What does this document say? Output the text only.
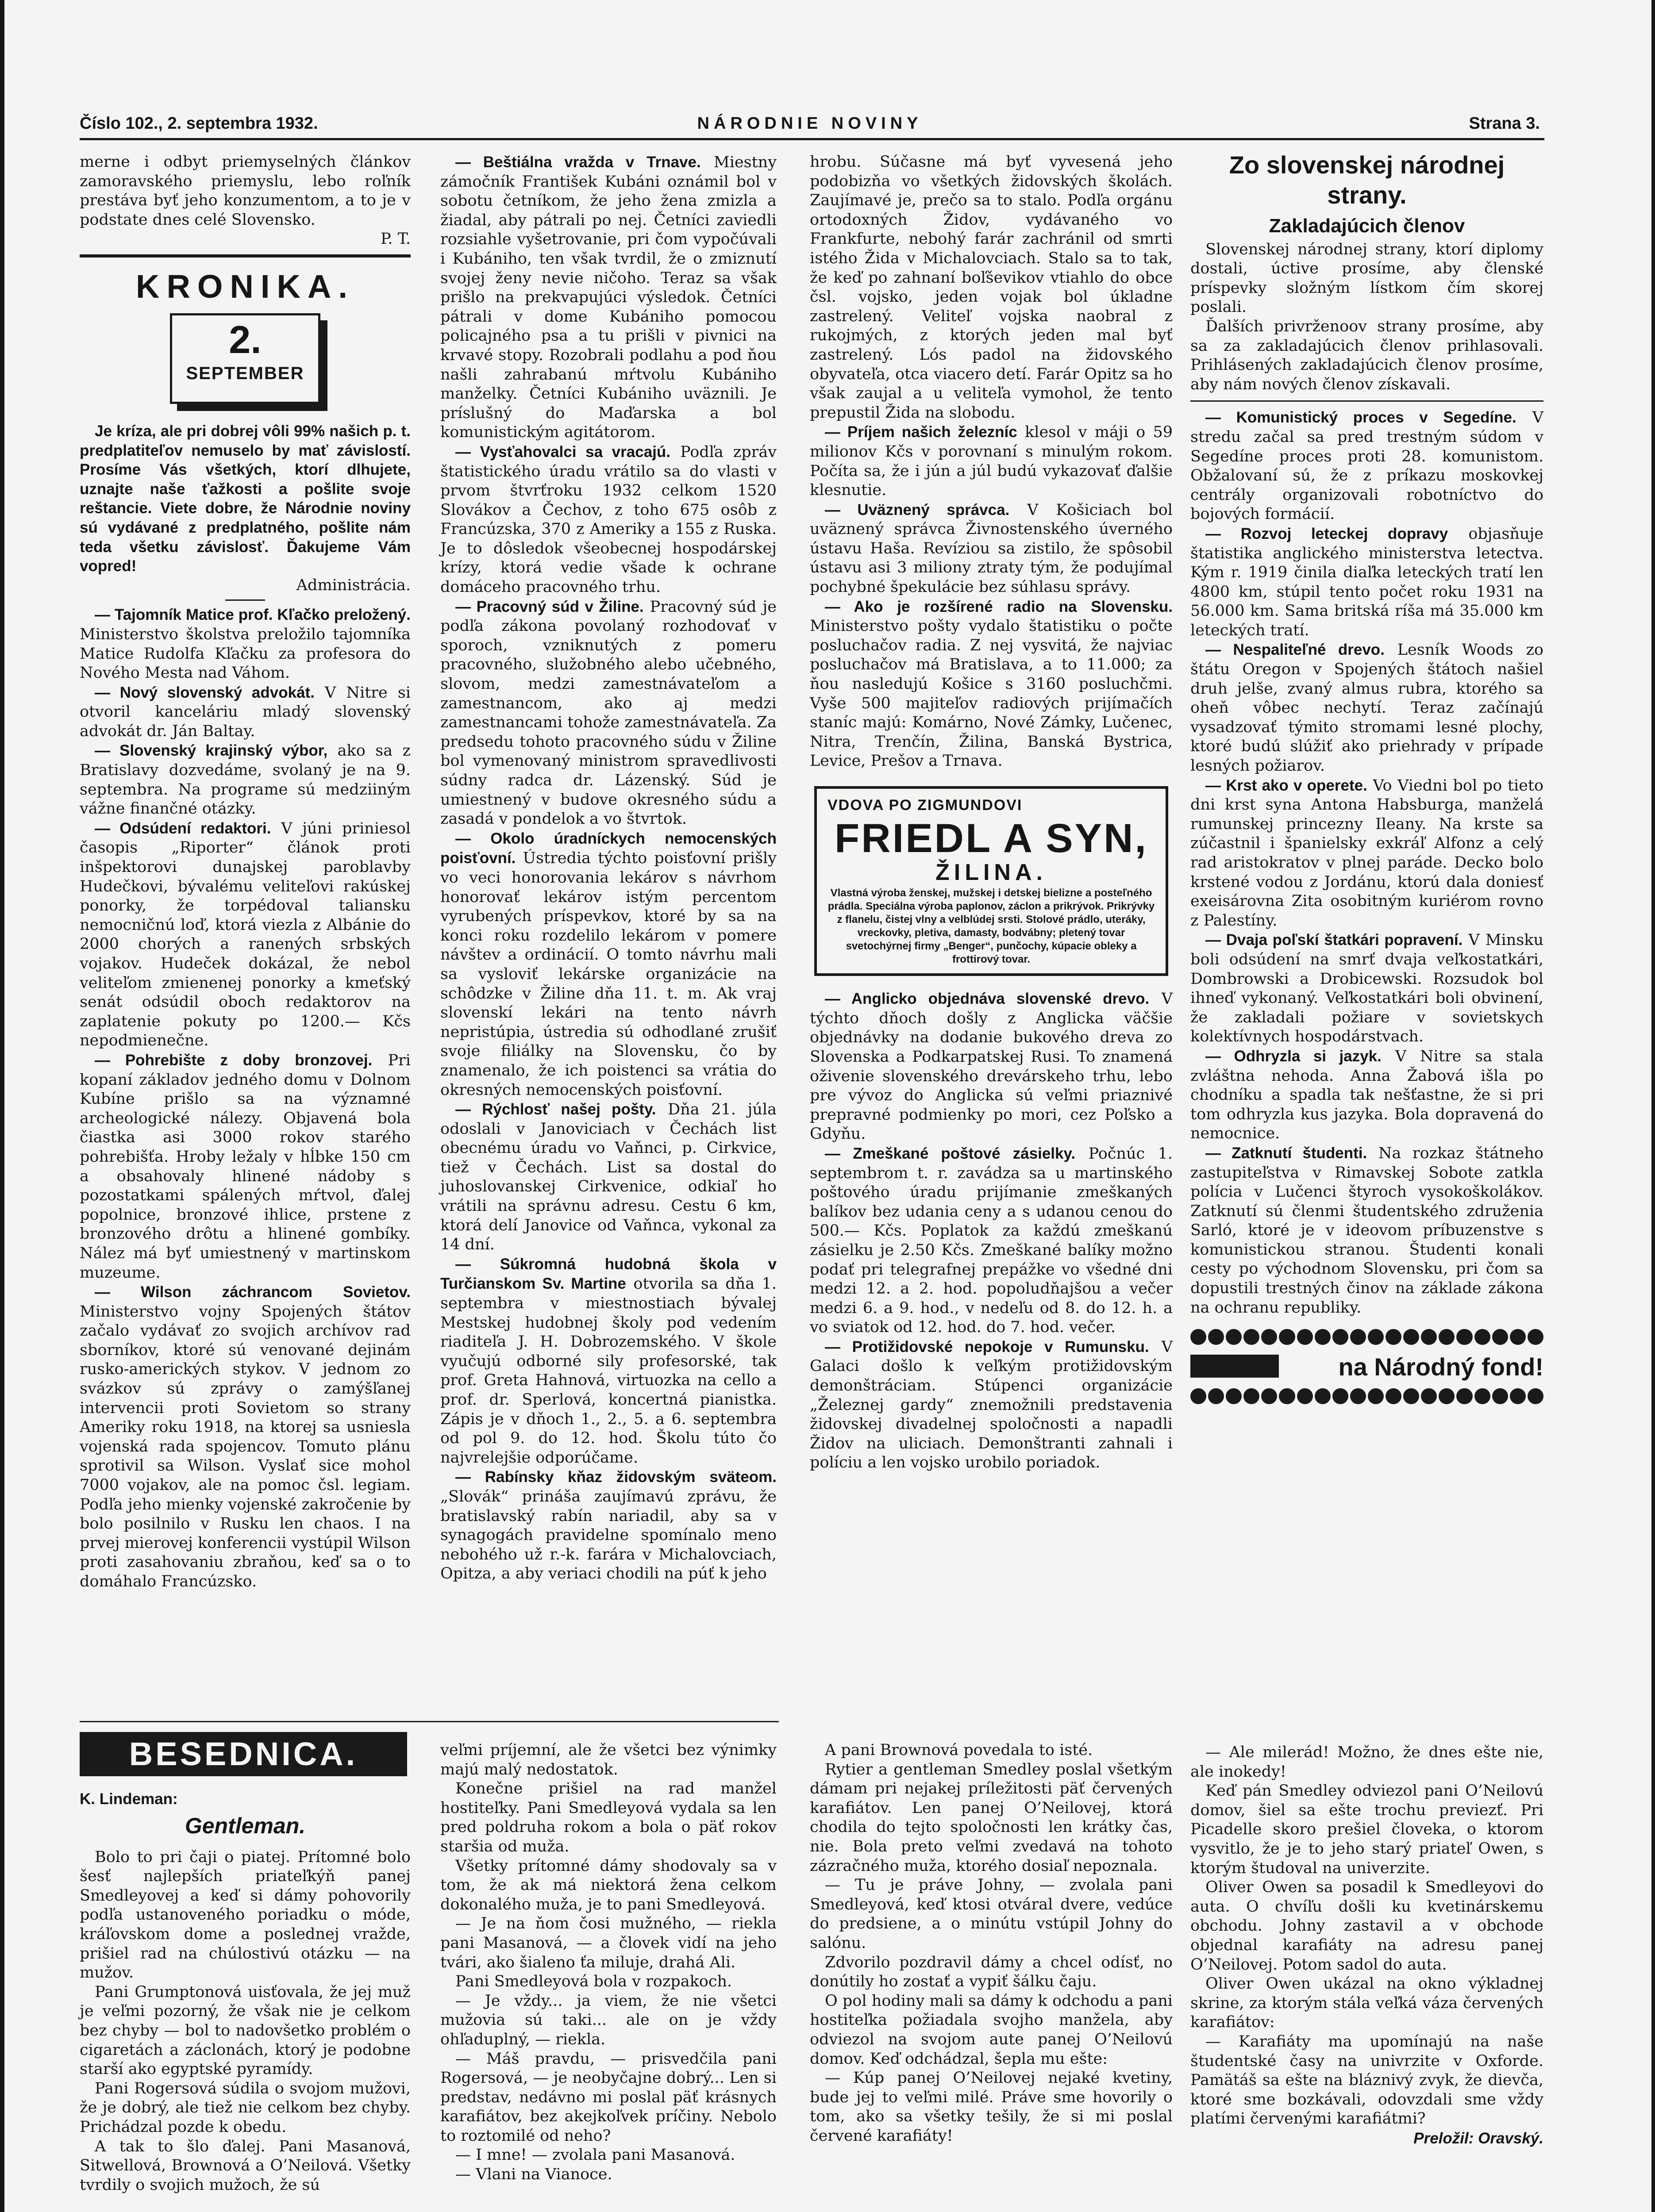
Číslo 102., 2. septembra 1932.	NÁRODNIE NOVINY	Strana 3.

merne i odbyt priemyselných článkov zamoravského priemyslu, lebo roľník prestáva byť jeho konzumentom, a to je v podstate dnes celé Slovensko.

P. T.

KRONIKA.
2.
SEPTEMBER

Je kríza, ale pri dobrej vôli 99% našich p. t. predplatiteľov nemuselo by mať závislostí. Prosíme Vás všetkých, ktorí dlhujete, uznajte naše ťažkosti a pošlite svoje reštancie. Viete dobre, že Národnie noviny sú vydávané z predplatného, pošlite nám teda všetku závislosť. Ďakujeme Vám vopred!

Administrácia.

— Tajomník Matice prof. Kľačko preložený. Ministerstvo školstva preložilo tajomníka Matice Rudolfa Kľačku za profesora do Nového Mesta nad Váhom.

— Nový slovenský advokát. V Nitre si otvoril kanceláriu mladý slovenský advokát dr. Ján Baltay.

— Slovenský krajinský výbor, ako sa z Bratislavy dozvedáme, svolaný je na 9. septembra. Na programe sú medziiným vážne finančné otázky.

— Odsúdení redaktori. V júni priniesol časopis „Riporter“ článok proti inšpektorovi dunajskej paroblavby Hudečkovi, bývalému veliteľovi rakúskej ponorky, že torpédoval taliansku nemocničnú loď, ktorá viezla z Albánie do 2000 chorých a ranených srbských vojakov. Hudeček dokázal, že nebol veliteľom zmienenej ponorky a kmeťský senát odsúdil oboch redaktorov na zaplatenie pokuty po 1200.— Kčs nepodmienečne.

— Pohrebište z doby bronzovej. Pri kopaní základov jedného domu v Dolnom Kubíne prišlo sa na významné archeologické nálezy. Objavená bola čiastka asi 3000 rokov starého pohrebišťa. Hroby ležaly v hĺbke 150 cm a obsahovaly hlinené nádoby s pozostatkami spálených mŕtvol, ďalej popolnice, bronzové ihlice, prstene z bronzového drôtu a hlinené gombíky. Nález má byť umiestnený v martinskom muzeume.

— Wilson záchrancom Sovietov. Ministerstvo vojny Spojených štátov začalo vydávať zo svojich archívov rad sborníkov, ktoré sú venované dejinám rusko-amerických stykov. V jednom zo svázkov sú zprávy o zamýšľanej intervencii proti Sovietom so strany Ameriky roku 1918, na ktorej sa usniesla vojenská rada spojencov. Tomuto plánu sprotivil sa Wilson. Vyslať sice mohol 7000 vojakov, ale na pomoc čsl. legiam. Podľa jeho mienky vojenské zakročenie by bolo posilnilo v Rusku len chaos. I na prvej mierovej konferencii vystúpil Wilson proti zasahovaniu zbraňou, keď sa o to domáhalo Francúzsko.

— Beštiálna vražda v Trnave. Miestny zámočník František Kubáni oznámil bol v sobotu četníkom, že jeho žena zmizla a žiadal, aby pátrali po nej. Četníci zaviedli rozsiahle vyšetrovanie, pri čom vypočúvali i Kubániho, ten však tvrdil, že o zmiznutí svojej ženy nevie ničoho. Teraz sa však prišlo na prekvapujúci výsledok. Četníci pátrali v dome Kubániho pomocou policajného psa a tu prišli v pivnici na krvavé stopy. Rozobrali podlahu a pod ňou našli zahrabanú mŕtvolu Kubániho manželky. Četníci Kubániho uväznili. Je príslušný do Maďarska a bol komunistickým agitátorom.

— Vysťahovalci sa vracajú. Podľa zpráv štatistického úradu vrátilo sa do vlasti v prvom štvrťroku 1932 celkom 1520 Slovákov a Čechov, z toho 675 osôb z Francúzska, 370 z Ameriky a 155 z Ruska. Je to dôsledok všeobecnej hospodárskej krízy, ktorá vedie všade k ochrane domáceho pracovného trhu.

— Pracovný súd v Žiline. Pracovný súd je podľa zákona povolaný rozhodovať v sporoch, vzniknutých z pomeru pracovného, služobného alebo učebného, slovom, medzi zamestnávateľom a zamestnancom, ako aj medzi zamestnancami tohože zamestnávateľa. Za predsedu tohoto pracovného súdu v Žiline bol vymenovaný ministrom spravedlivosti súdny radca dr. Lázenský. Súd je umiestnený v budove okresného súdu a zasadá v pondelok a vo štvrtok.

— Okolo úradníckych nemocenských poisťovní. Ústredia týchto poisťovní prišly vo veci honorovania lekárov s návrhom honorovať lekárov istým percentom vyrubených príspevkov, ktoré by sa na konci roku rozdelilo lekárom v pomere návštev a ordinácií. O tomto návrhu mali sa vysloviť lekárske organizácie na schôdzke v Žiline dňa 11. t. m. Ak vraj slovenskí lekári na tento návrh nepristúpia, ústredia sú odhodlané zrušiť svoje filiálky na Slovensku, čo by znamenalo, že ich poistenci sa vrátia do okresných nemocenských poisťovní.

— Rýchlosť našej pošty. Dňa 21. júla odoslali v Janoviciach v Čechách list obecnému úradu vo Vaňnci, p. Cirkvice, tiež v Čechách. List sa dostal do juhoslovanskej Cirkvenice, odkiaľ ho vrátili na správnu adresu. Cestu 6 km, ktorá delí Janovice od Vaňnca, vykonal za 14 dní.

— Súkromná hudobná škola v Turčianskom Sv. Martine otvorila sa dňa 1. septembra v miestnostiach bývalej Mestskej hudobnej školy pod vedením riaditeľa J. H. Dobrozemského. V škole vyučujú odborné sily profesorské, tak prof. Greta Hahnová, virtuozka na cello a prof. dr. Sperlová, koncertná pianistka. Zápis je v dňoch 1., 2., 5. a 6. septembra od pol 9. do 12. hod. Školu túto čo najvrelejšie odporúčame.

— Rabínsky kňaz židovským sväteom. „Slovák“ prináša zaujímavú zprávu, že bratislavský rabín nariadil, aby sa v synagogách pravidelne spomínalo meno nebohého už r.-k. farára v Michalovciach, Opitza, a aby veriaci chodili na púť k jeho

hrobu. Súčasne má byť vyvesená jeho podobizňa vo všetkých židovských školách. Zaujímavé je, prečo sa to stalo. Podľa orgánu ortodoxných Židov, vydávaného vo Frankfurte, nebohý farár zachránil od smrti istého Žida v Michalovciach. Stalo sa to tak, že keď po zahnaní boľševikov vtiahlo do obce čsl. vojsko, jeden vojak bol úkladne zastrelený. Veliteľ vojska naobral z rukojmých, z ktorých jeden mal byť zastrelený. Lós padol na židovského obyvateľa, otca viacero detí. Farár Opitz sa ho však zaujal a u veliteľa vymohol, že tento prepustil Žida na slobodu.

— Príjem našich železníc klesol v máji o 59 milionov Kčs v porovnaní s minulým rokom. Počíta sa, že i jún a júl budú vykazovať ďalšie klesnutie.

— Uväznený správca. V Košiciach bol uväznený správca Živnostenského úverného ústavu Haša. Revíziou sa zistilo, že spôsobil ústavu asi 3 miliony ztraty tým, že podujímal pochybné špekulácie bez súhlasu správy.

— Ako je rozšírené radio na Slovensku. Ministerstvo pošty vydalo štatistiku o počte posluchačov radia. Z nej vysvitá, že najviac posluchačov má Bratislava, a to 11.000; za ňou nasledujú Košice s 3160 posluchčmi. Vyše 500 majiteľov radiových prijímačích staníc majú: Komárno, Nové Zámky, Lučenec, Nitra, Trenčín, Žilina, Banská Bystrica, Levice, Prešov a Trnava.

VDOVA PO ZIGMUNDOVI
FRIEDL A SYN,
ŽILINA.
Vlastná výroba ženskej, mužskej i detskej bielizne a posteľného prádla. Speciálna výroba paplonov, záclon a prikrývok. Prikrývky z flanelu, čistej vlny a velblúdej srsti. Stolové prádlo, uteráky, vreckovky, pletiva, damasty, bodvábny; pletený tovar svetochýrnej firmy „Benger“, punčochy, kúpacie obleky a frottirový tovar.

— Anglicko objednáva slovenské drevo. V týchto dňoch došly z Anglicka väčšie objednávky na dodanie bukového dreva zo Slovenska a Podkarpatskej Rusi. To znamená oživenie slovenského drevárskeho trhu, lebo pre vývoz do Anglicka sú veľmi priaznivé prepravné podmienky po mori, cez Poľsko a Gdyňu.

— Zmeškané poštové zásielky. Počnúc 1. septembrom t. r. zavádza sa u martinského poštového úradu prijímanie zmeškaných balíkov bez udania ceny a s udanou cenou do 500.— Kčs. Poplatok za každú zmeškanú zásielku je 2.50 Kčs. Zmeškané balíky možno podať pri telegrafnej prepážke vo všedné dni medzi 12. a 2. hod. popoludňajšou a večer medzi 6. a 9. hod., v nedeľu od 8. do 12. h. a vo sviatok od 12. hod. do 7. hod. večer.

— Protižidovské nepokoje v Rumunsku. V Galaci došlo k veľkým protižidovským demonštráciam. Stúpenci organizácie „Železnej gardy“ znemožnili predstavenia židovskej divadelnej spoločnosti a napadli Židov na uliciach. Demonštranti zahnali i políciu a len vojsko urobilo poriadok.

Zo slovenskej národnej strany.
Zakladajúcich členov

Slovenskej národnej strany, ktorí diplomy dostali, úctive prosíme, aby členské príspevky složným lístkom čím skorej poslali.

Ďalších privrženoov strany prosíme, aby sa za zakladajúcich členov prihlasovali. Prihlásených zakladajúcich členov prosíme, aby nám nových členov získavali.

— Komunistický proces v Segedíne. V stredu začal sa pred trestným súdom v Segedíne proces proti 28. komunistom. Obžalovaní sú, že z príkazu moskovkej centrály organizovali robotníctvo do bojových formácií.

— Rozvoj leteckej dopravy objasňuje štatistika anglického ministerstva letectva. Kým r. 1919 činila diaľka leteckých tratí len 4800 km, stúpil tento počet roku 1931 na 56.000 km. Sama britská ríša má 35.000 km leteckých tratí.

— Nespaliteľné drevo. Lesník Woods zo štátu Oregon v Spojených štátoch našiel druh jelše, zvaný almus rubra, ktorého sa oheň vôbec nechytí. Teraz začínajú vysadzovať týmito stromami lesné plochy, ktoré budú slúžiť ako priehrady v prípade lesných požiarov.

— Krst ako v operete. Vo Viedni bol po tieto dni krst syna Antona Habsburga, manželá rumunskej princezny Ileany. Na krste sa zúčastnil i španielsky exkráľ Alfonz a celý rad aristokratov v plnej paráde. Decko bolo krstené vodou z Jordánu, ktorú dala doniesť exeisárovna Zita osobitným kuriérom rovno z Palestíny.

— Dvaja poľskí štatkári popravení. V Minsku boli odsúdení na smrť dvaja veľkostatkári, Dombrowski a Drobicewski. Rozsudok bol ihneď vykonaný. Veľkostatkári boli obvinení, že zakladali požiare v sovietskych kolektívnych hospodárstvach.

— Odhryzla si jazyk. V Nitre sa stala zvláštna nehoda. Anna Žabová išla po chodníku a spadla tak nešťastne, že si pri tom odhryzla kus jazyka. Bola dopravená do nemocnice.

— Zatknutí študenti. Na rozkaz štátneho zastupiteľstva v Rimavskej Sobote zatkla polícia v Lučenci štyroch vysokoškolákov. Zatknutí sú členmi študentského združenia Sarló, ktoré je v ideovom príbuzenstve s komunistickou stranou. Študenti konali cesty po východnom Slovensku, pri čom sa dopustili trestných činov na základe zákona na ochranu republiky.

na Národný fond!
BESEDNICA.

K. Lindeman:

Gentleman.

Bolo to pri čaji o piatej. Prítomné bolo šesť najlepších priateľkýň panej Smedleyovej a keď si dámy pohovorily podľa ustanoveného poriadku o móde, kráľovskom dome a poslednej vražde, prišiel rad na chúlostivú otázku — na mužov.

Pani Grumptonová uisťovala, že jej muž je veľmi pozorný, že však nie je celkom bez chyby — bol to nadovšetko problém o cigaretách a záclonách, ktorý je podobne starší ako egyptské pyramídy.

Pani Rogersová súdila o svojom mužovi, že je dobrý, ale tiež nie celkom bez chyby. Prichádzal pozde k obedu.

A tak to šlo ďalej. Pani Masanová, Sitwellová, Brownová a O’Neilová. Všetky tvrdily o svojich mužoch, že sú

veľmi príjemní, ale že všetci bez výnimky majú malý nedostatok.

Konečne prišiel na rad manžel hostiteľky. Pani Smedleyová vydala sa len pred poldruha rokom a bola o päť rokov staršia od muža.

Všetky prítomné dámy shodovaly sa v tom, že ak má niektorá žena celkom dokonalého muža, je to pani Smedleyová.

— Je na ňom čosi mužného, — riekla pani Masanová, — a človek vidí na jeho tvári, ako šialeno ťa miluje, drahá Ali.

Pani Smedleyová bola v rozpakoch.

— Je vždy... ja viem, že nie všetci mužovia sú taki... ale on je vždy ohľaduplný, — riekla.

— Máš pravdu, — prisvedčila pani Rogersová, — je neobyčajne dobrý... Len si predstav, nedávno mi poslal päť krásnych karafiátov, bez akejkoľvek príčiny. Nebolo to roztomilé od neho?

— I mne! — zvolala pani Masanová.

— Vlani na Vianoce.

A pani Brownová povedala to isté.

Rytier a gentleman Smedley poslal všetkým dámam pri nejakej príležitosti päť červených karafiátov. Len panej O’Neilovej, ktorá chodila do tejto spoločnosti len krátky čas, nie. Bola preto veľmi zvedavá na tohoto zázračného muža, ktorého dosiaľ nepoznala.

— Tu je práve Johny, — zvolala pani Smedleyová, keď ktosi otváral dvere, vedúce do predsiene, a o minútu vstúpil Johny do salónu.

Zdvorilo pozdravil dámy a chcel odísť, no donútily ho zostať a vypiť šálku čaju.

O pol hodiny mali sa dámy k odchodu a pani hostiteľka požiadala svojho manžela, aby odviezol na svojom aute panej O’Neilovú domov. Keď odchádzal, šepla mu ešte:

— Kúp panej O’Neilovej nejaké kvetiny, bude jej to veľmi milé. Práve sme hovorily o tom, ako sa všetky tešily, že si mi poslal červené karafiáty!

— Ale milerád! Možno, že dnes ešte nie, ale inokedy!

Keď pán Smedley odviezol pani O’Neilovú domov, šiel sa ešte trochu previezť. Pri Picadelle skoro prešiel človeka, o ktorom vysvitlo, že je to jeho starý priateľ Owen, s ktorým študoval na univerzite.

Oliver Owen sa posadil k Smedleyovi do auta. O chvíľu došli ku kvetinárskemu obchodu. Johny zastavil a v obchode objednal karafiáty na adresu panej O’Neilovej. Potom sadol do auta.

Oliver Owen ukázal na okno výkladnej skrine, za ktorým stála veľká váza červených karafiátov:

— Karafiáty ma upomínajú na naše študentské časy na univrzite v Oxforde. Pamätáš sa ešte na bláznivý zvyk, že dievča, ktoré sme bozkávali, odovzdali sme vždy platími červenými karafiátmi?

Preložil: Oravský.
